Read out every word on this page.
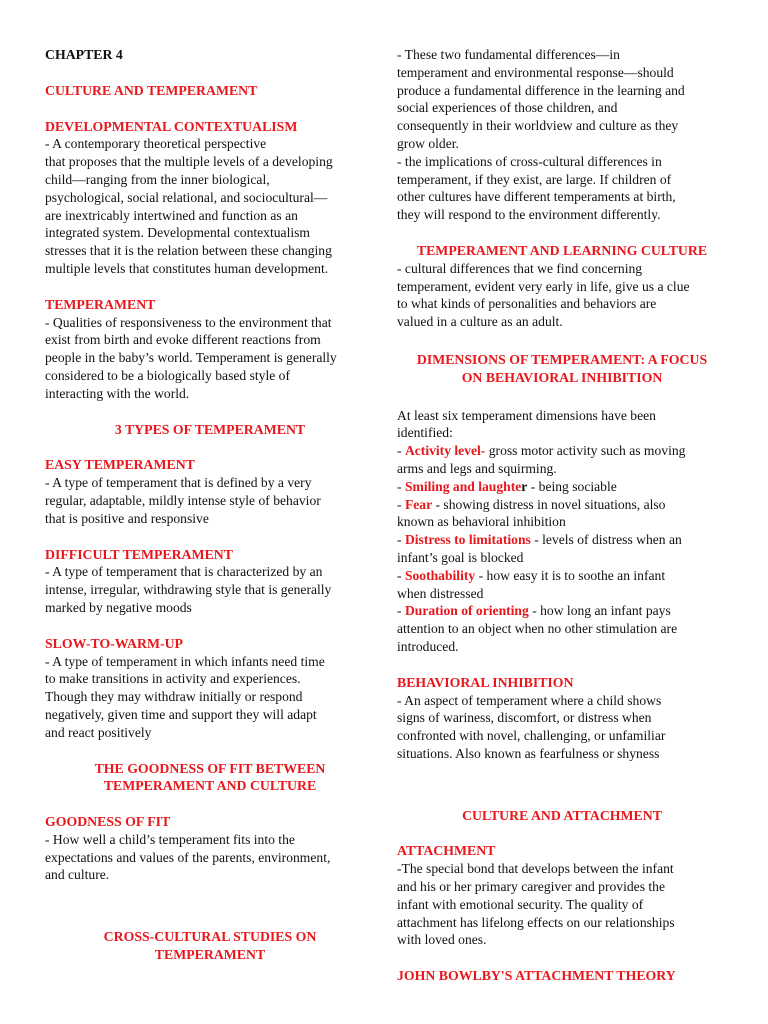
CHAPTER 4

CULTURE AND TEMPERAMENT

DEVELOPMENTAL CONTEXTUALISM

- A contemporary theoretical perspective

that proposes that the multiple levels of a developing

child—ranging from the inner biological,

psychological, social relational, and sociocultural—

are inextricably intertwined and function as an

integrated system. Developmental contextualism

stresses that it is the relation between these changing

multiple levels that constitutes human development.

TEMPERAMENT

- Qualities of responsiveness to the environment that

exist from birth and evoke different reactions from

people in the baby’s world. Temperament is generally

considered to be a biologically based style of

interacting with the world.

3 TYPES OF TEMPERAMENT

EASY TEMPERAMENT

- A type of temperament that is defined by a very

regular, adaptable, mildly intense style of behavior

that is positive and responsive

DIFFICULT TEMPERAMENT

- A type of temperament that is characterized by an

intense, irregular, withdrawing style that is generally

marked by negative moods

SLOW-TO-WARM-UP

- A type of temperament in which infants need time

to make transitions in activity and experiences.

Though they may withdraw initially or respond

negatively, given time and support they will adapt

and react positively

THE GOODNESS OF FIT BETWEEN

TEMPERAMENT AND CULTURE

GOODNESS OF FIT

- How well a child’s temperament fits into the

expectations and values of the parents, environment,

and culture.

CROSS-CULTURAL STUDIES ON

TEMPERAMENT

- These two fundamental differences—in

temperament and environmental response—should

produce a fundamental difference in the learning and

social experiences of those children, and

consequently in their worldview and culture as they

grow older.

- the implications of cross-cultural differences in

temperament, if they exist, are large. If children of

other cultures have different temperaments at birth,

they will respond to the environment differently.

TEMPERAMENT AND LEARNING CULTURE

- cultural differences that we find concerning

temperament, evident very early in life, give us a clue

to what kinds of personalities and behaviors are

valued in a culture as an adult.

DIMENSIONS OF TEMPERAMENT: A FOCUS

ON BEHAVIORAL INHIBITION

At least six temperament dimensions have been

identified:

- Activity level- gross motor activity such as moving

arms and legs and squirming.

- Smiling and laughter - being sociable

- Fear - showing distress in novel situations, also

known as behavioral inhibition

- Distress to limitations - levels of distress when an

infant’s goal is blocked

- Soothability - how easy it is to soothe an infant

when distressed

- Duration of orienting - how long an infant pays

attention to an object when no other stimulation are introduced.

BEHAVIORAL INHIBITION

- An aspect of temperament where a child shows

signs of wariness, discomfort, or distress when

confronted with novel, challenging, or unfamiliar

situations. Also known as fearfulness or shyness

CULTURE AND ATTACHMENT

ATTACHMENT

-The special bond that develops between the infant

and his or her primary caregiver and provides the

infant with emotional security. The quality of

attachment has lifelong effects on our relationships

with loved ones.

JOHN BOWLBY'S ATTACHMENT THEORY
